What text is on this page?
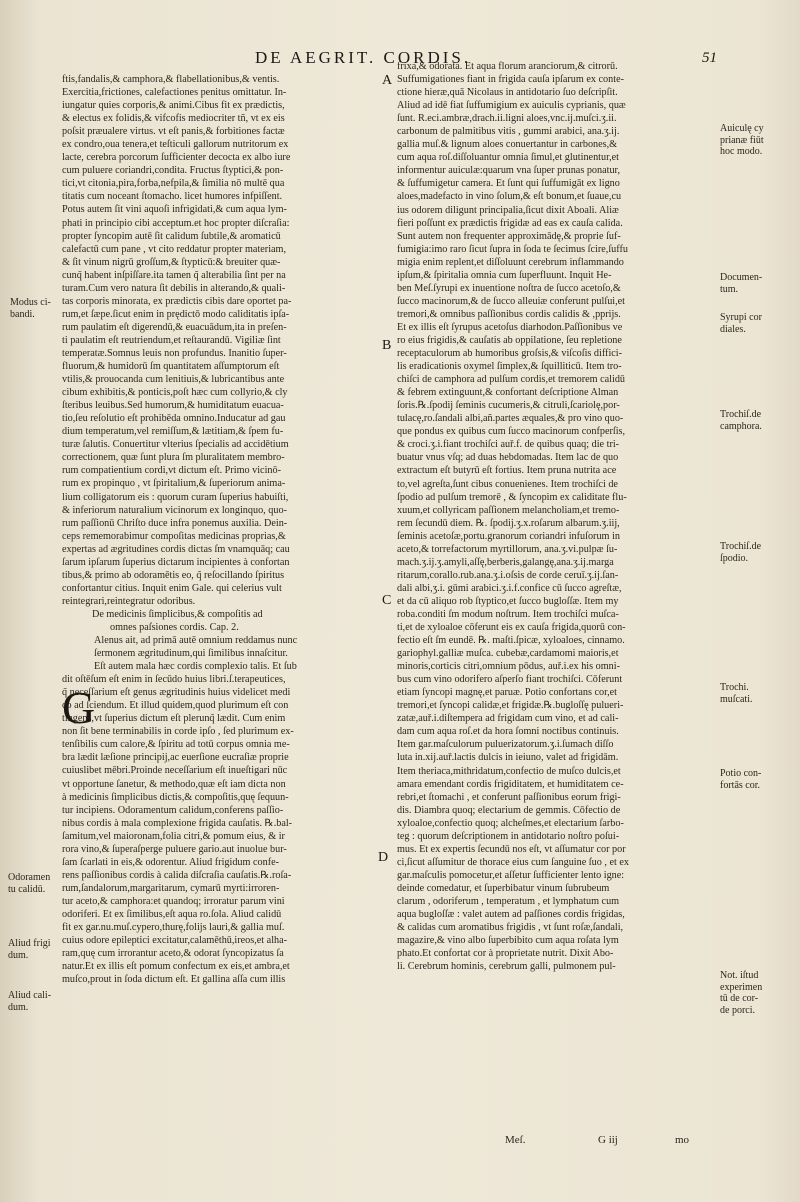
DE AEGRIT. CORDIS.	51
ftis,fandalis,& camphora,& flabellationibus,& ventis.
Exercitia,frictiones, calefactiones penitus omittatur. In-
iungatur quies corporis,& animi.Cibus fit ex prædictis,
& electus ex folidis,& vifcofis mediocriter tñ, vt ex eis
poſsit præualere virtus. vt eſt panis,& forbitiones factæ
ex condro,oua tenera,et teſticuli gallorum nutritorum ex
lacte, cerebra porcorum ſufficienter decocta ex albo iure
cum puluere coriandri,condita. Fructus ſtyptici,& pon-
tici,vt citonia,pira,forba,nefpila,& ſimilia nō multē qua
titatis cum noceant ſtomacho. licet humores infpiſſent.
Potus autem ſit vini aquoſi infrigidati,& cum aqua lym-
phati in principio cibi acceptum.et hoc propter diſcraſia:
propter ſyncopim autē ſit calidum ſubtile,& aromaticū
calefactū cum pane , vt cito reddatur propter materiam,
& ſit vinum nigrū groſſum,& ſtypticū:& breuiter quæ-
cunq̃ habent inſpiſſare.ita tamen q̃ alterabilia ſint per na
turam.Cum vero natura ſit debilis in alterando,& quali-
tas corporis minorata, ex prædictis cibis dare oportet pa-
rum,et ſæpe.ſicut enim in prędictō modo caliditatis ipſa-
rum paulatim eſt digerendū,& euacuādum,ita in preſen-
ti paulatim eſt reutriendum,et reſtaurandū. Vigiliæ ſint
temperatæ.Somnus leuis non profundus. Inanitio ſuper-
fluorum,& humidorū ſm quantitatem aſſumptorum eſt
vtilis,& prouocanda cum lenitiuis,& lubricantibus ante
cibum exhibitis,& ponticis,poſt hæc cum collyrio,& cly
ſteribus leuibus.Sed humorum,& humiditatum euacua-
tio,ſeu reſolutio eſt prohibēda omnino.Inducatur ad gau
dium temperatum,vel remiſſum,& lætitiam,& ſpem fu-
turæ ſalutis. Conuertitur vlterius ſpecialis ad accidētium
correctionem, quæ ſunt plura ſm pluralitatem membro-
rum compatientium cordi,vt dictum eſt. Primo vicinō-
rum ex propinquo , vt ſpiritalium,& ſuperiorum anima-
lium colligatorum eis : quorum curam ſuperius habuiſti,
& inferiorum naturalium vicinorum ex longinquo, quo-
rum paſſionū Chriſto duce infra ponemus auxilia. Dein-
ceps rememorabimur compoſitas medicinas proprias,&
expertas ad ægritudines cordis dictas ſm vnamquāq; cau
ſarum ipſarum ſuperius dictarum incipientes à confortan
tibus,& primo ab odoramētis eo, q̃ reſocillando ſpiritus
confortantur citius. Inquit enim Gale. qui celerius vult
reintegrari,reintegratur odoribus.
De medicinis ſimplicibus,& compoſitis ad
omnes paſsiones cordis. Cap. 2.
Alenus ait, ad primā autē omnium reddamus nunc
ſermonem ægritudinum,qui ſimilibus innaſcitur.
Eſt autem mala hæc cordis complexio talis. Et ſub
dit oſtēſum eſt enim in ſecūdo huius libri.ſ.terapeutices,
q̃ neceſſarium eſt genus ægritudinis huius videlicet medi
co ad ſciendum. Et illud quidem,quod plurimum eſt con
tingens,vt ſuperius dictum eſt plerunq̃ lædit. Cum enim
non ſit bene terminabilis in corde ipſo , ſed plurimum ex-
tenſibilis cum calore,& ſpiritu ad totū corpus omnia me-
bra lædit læſione principij,ac euerſione eucraſiæ proprie
cuiuslibet mēbri.Proinde neceſſarium eſt inueſtigari nūc
vt opportune ſanetur, & methodo,quæ eſt iam dicta non
à medicinis ſimplicibus dictis,& compoſitis,quę ſequun-
tur incipiens. Odoramentum calidum,conferens paſſio-
nibus cordis à mala complexione frigida cauſatis. ℞.bal-
ſamitum,vel maioronam,folia citri,& pomum eius, & ir
rora vino,& ſuperaſperge puluere gario.aut inuolue bur-
ſam ſcarlati in eis,& odorentur. Aliud frigidum confe-
rens paſſionibus cordis à calida diſcraſia cauſatis.℞.roſa-
rum,ſandalorum,margaritarum, cymarū myrti:irroren-
tur aceto,& camphora:et quandoq; irroratur parum vini
odoriferi. Et ex ſimilibus,eſt aqua ro.ſola. Aliud calidū
fit ex gar.nu.muſ.cypero,thurę,folijs lauri,& gallia muſ.
cuius odore epileptici excitatur,calamēthū,ireos,et alha-
ram,quę cum irrorantur aceto,& odorat ſyncopizatus ſa
natur.Et ex illis eſt pomum confectum ex eis,et ambra,et
muſco,prout in ſoda dictum eſt. Et gallina aſſa cum illis
G
frixa,& odorata. Et aqua florum aranciorum,& citrorū.
Suffumigationes fiant in frigida cauſa ipſarum ex conte-
ctione hieræ,quā Nicolaus in antidotario ſuo deſcripſit.
Aliud ad idē fiat ſuffumigium ex auiculis cyprianis, quæ
ſunt. R.eci.ambræ,drach.ii.ligni aloes,vnc.ij.muſci.ʒ.ii.
carbonum de palmitibus vitis , gummi arabici, ana.ʒ.ij.
gallia muſ.& lignum aloes conuertantur in carbones,&
cum aqua roſ.diſſoluantur omnia ſimul,et glutinentur,et
informentur auiculæ:quarum vna ſuper prunas ponatur,
& ſuffumigetur camera. Et ſunt qui ſuffumigāt ex ligno
aloes,madefacto in vino ſolum,& eſt bonum,et ſuaue,cu
ius odorem diligunt principalia,ſicut dixit Aboali. Aliæ
fieri poſſunt ex prædictis frigidæ ad eas ex cauſa calida.
Sunt autem non frequenter approximādę,& proprie ſuf-
fumigia:imo raro ſicut ſupra in ſoda te ſecimus ſcire,ſuffu
migia enim replent,et diſſoluunt cerebrum inflammando
ipſum,& ſpiritalia omnia cum ſuperfluunt. Inquit He-
ben Meſ.ſyrupi ex inuentione noſtra de ſucco acetoſo,&
ſucco macinorum,& de ſucco alleuiæ conferunt pulſui,et
tremori,& omnibus paſſionibus cordis calidis & ,pprijs.
Et ex illis eſt ſyrupus acetoſus diarhodon.Paſſionibus ve
ro eius frigidis,& cauſatis ab oppilatione, ſeu repletione
receptaculorum ab humoribus groſsis,& viſcoſis diffici-
lis eradicationis oxymel ſimplex,& ſquilliticū. Item tro-
chiſci de camphora ad pulſum cordis,et tremorem calidū
& febrem extinguunt,& confortant deſcriptione Alman
ſoris.℞.ſpodij ſeminis cucumeris,& citruli,ſcariolę,por-
tulacę,ro.ſandali albi,añ.partes æquales,& pro vino quo-
que pondus ex quibus cum ſucco macinorum confperſis,
& croci.ʒ.i.fiant trochiſci auř.f. de quibus quaq; die tri-
buatur vnus vſq; ad duas hebdomadas. Item lac de quo
extractum eſt butyrū eſt fortius. Item pruna nutrita ace
to,vel agreſta,ſunt cibus conuenienes. Item trochiſci de
ſpodio ad pulſum tremorē , & ſyncopim ex caliditate flu-
xuum,et collyricam paſſionem melancholiam,et tremo-
rem ſecundū diem. ℞. ſpodij.ʒ.x.roſarum albarum.ʒ.iij,
ſeminis acetoſæ,portu.granorum coriandri infuſorum in
aceto,& torrefactorum myrtillorum, ana.ʒ.vi.pulpæ ſu-
mach.ʒ.ij.ʒ.amyli,aſſę,berberis,galangę,ana.ʒ.ij.marga
ritarum,corallo.rub.ana.ʒ.i.oſsis de corde ceruī.ʒ.ij.ſan-
dali albi,ʒ.i. gūmi arabici.ʒ.i.f.confice cū ſucco agreſtæ,
et da cū aliquo rob ſtyptico,et ſucco bugloſſæ. Item my
roba.conditi ſm modum noſtrum. Item trochiſci muſca-
ti,et de xyloaloe cōferunt eis ex cauſa frigida,quorū con-
fectio eſt ſm eundē. ℞. maſti.ſpicæ, xyloaloes, cinnamo.
gariophyl.galliæ muſca. cubebæ,cardamomi maioris,et
minoris,corticis citri,omnium pōdus, auř.i.ex his omni-
bus cum vino odorifero aſperſo fiant trochiſci. Cōferunt
etiam ſyncopi magnę,et paruæ. Potio confortans cor,et
tremori,et ſyncopi calidæ,et frigidæ.℞.bugloſſę pulueri-
zatæ,auř.i.diſtempera ad frigidam cum vino, et ad cali-
dam cum aqua roſ.et da hora ſomni noctibus continuis.
Item gar.maſculorum puluerizatorum.ʒ.i.ſumach diſſo
luta in.xij.auř.lactis dulcis in ieiuno, valet ad frigidām.
Item theriaca,mithridatum,confectio de muſco dulcis,et
amara emendant cordis frigiditatem, et humiditatem ce-
rebri,et ſtomachi , et conferunt paſſionibus eorum frigi-
dis. Diambra quoq; electarium de gemmis. Cōfectio de
xyloaloe,confectio quoq; alcheſmes,et electarium ſarbo-
teg : quorum deſcriptionem in antidotario noſtro poſui-
mus. Et ex expertis ſecundū nos eſt, vt aſſumatur cor por
ci,ſicut aſſumitur de thorace eius cum ſanguine ſuo , et ex
gar.maſculis pomocetur,et aſſetur ſufficienter lento igne:
deinde comedatur, et ſuperbibatur vinum ſubrubeum
clarum , odoriferum , temperatum , et lymphatum cum
aqua bugloſſæ : valet autem ad paſſiones cordis frigidas,
& calidas cum aromatibus frigidis , vt ſunt roſæ,ſandali,
magazire,& vino albo ſuperbibito cum aqua roſata lym
phato.Et confortat cor à proprietate nutrit. Dixit Abo-
li. Cerebrum hominis, cerebrum galli, pulmonem pul-
A
B
C
D
Modus ci-
bandi.
Odoramen
tu calidū.
Aliud frigi
dum.
Aliud cali-
dum.
Auiculę cy
prianæ fiūt
hoc modo.
Documen-
tum.
Syrupi cor
diales.
Trochiſ.de
camphora.
Trochiſ.de
ſpodio.
Trochi.
muſcati.
Potio con-
fortās cor.
Not. iſtud
experimen
tū de cor-
de porci.
Meſ.	G iij	mo
